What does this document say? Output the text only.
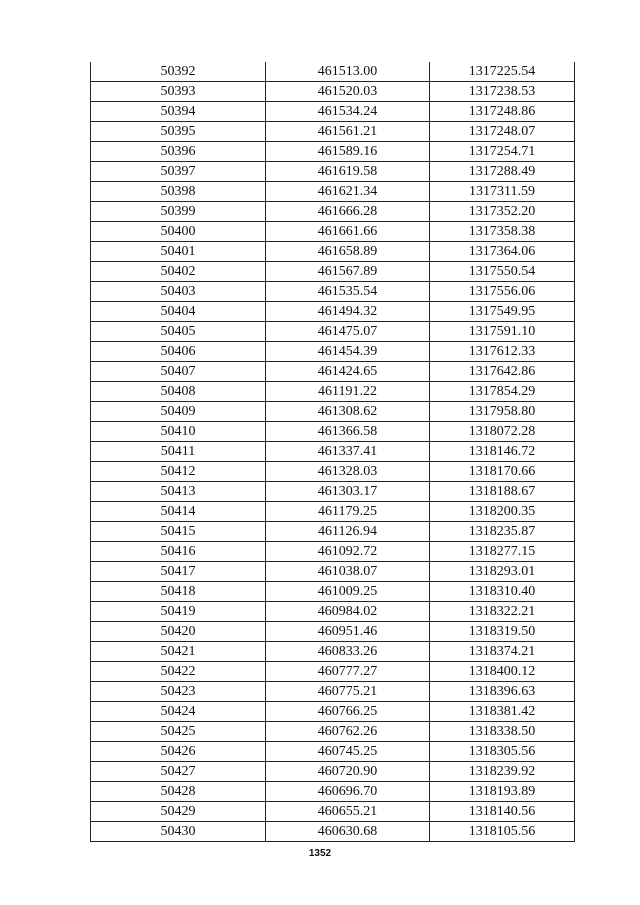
50392	461513.00	1317225.54
50393	461520.03	1317238.53
50394	461534.24	1317248.86
50395	461561.21	1317248.07
50396	461589.16	1317254.71
50397	461619.58	1317288.49
50398	461621.34	1317311.59
50399	461666.28	1317352.20
50400	461661.66	1317358.38
50401	461658.89	1317364.06
50402	461567.89	1317550.54
50403	461535.54	1317556.06
50404	461494.32	1317549.95
50405	461475.07	1317591.10
50406	461454.39	1317612.33
50407	461424.65	1317642.86
50408	461191.22	1317854.29
50409	461308.62	1317958.80
50410	461366.58	1318072.28
50411	461337.41	1318146.72
50412	461328.03	1318170.66
50413	461303.17	1318188.67
50414	461179.25	1318200.35
50415	461126.94	1318235.87
50416	461092.72	1318277.15
50417	461038.07	1318293.01
50418	461009.25	1318310.40
50419	460984.02	1318322.21
50420	460951.46	1318319.50
50421	460833.26	1318374.21
50422	460777.27	1318400.12
50423	460775.21	1318396.63
50424	460766.25	1318381.42
50425	460762.26	1318338.50
50426	460745.25	1318305.56
50427	460720.90	1318239.92
50428	460696.70	1318193.89
50429	460655.21	1318140.56
50430	460630.68	1318105.56
1352
